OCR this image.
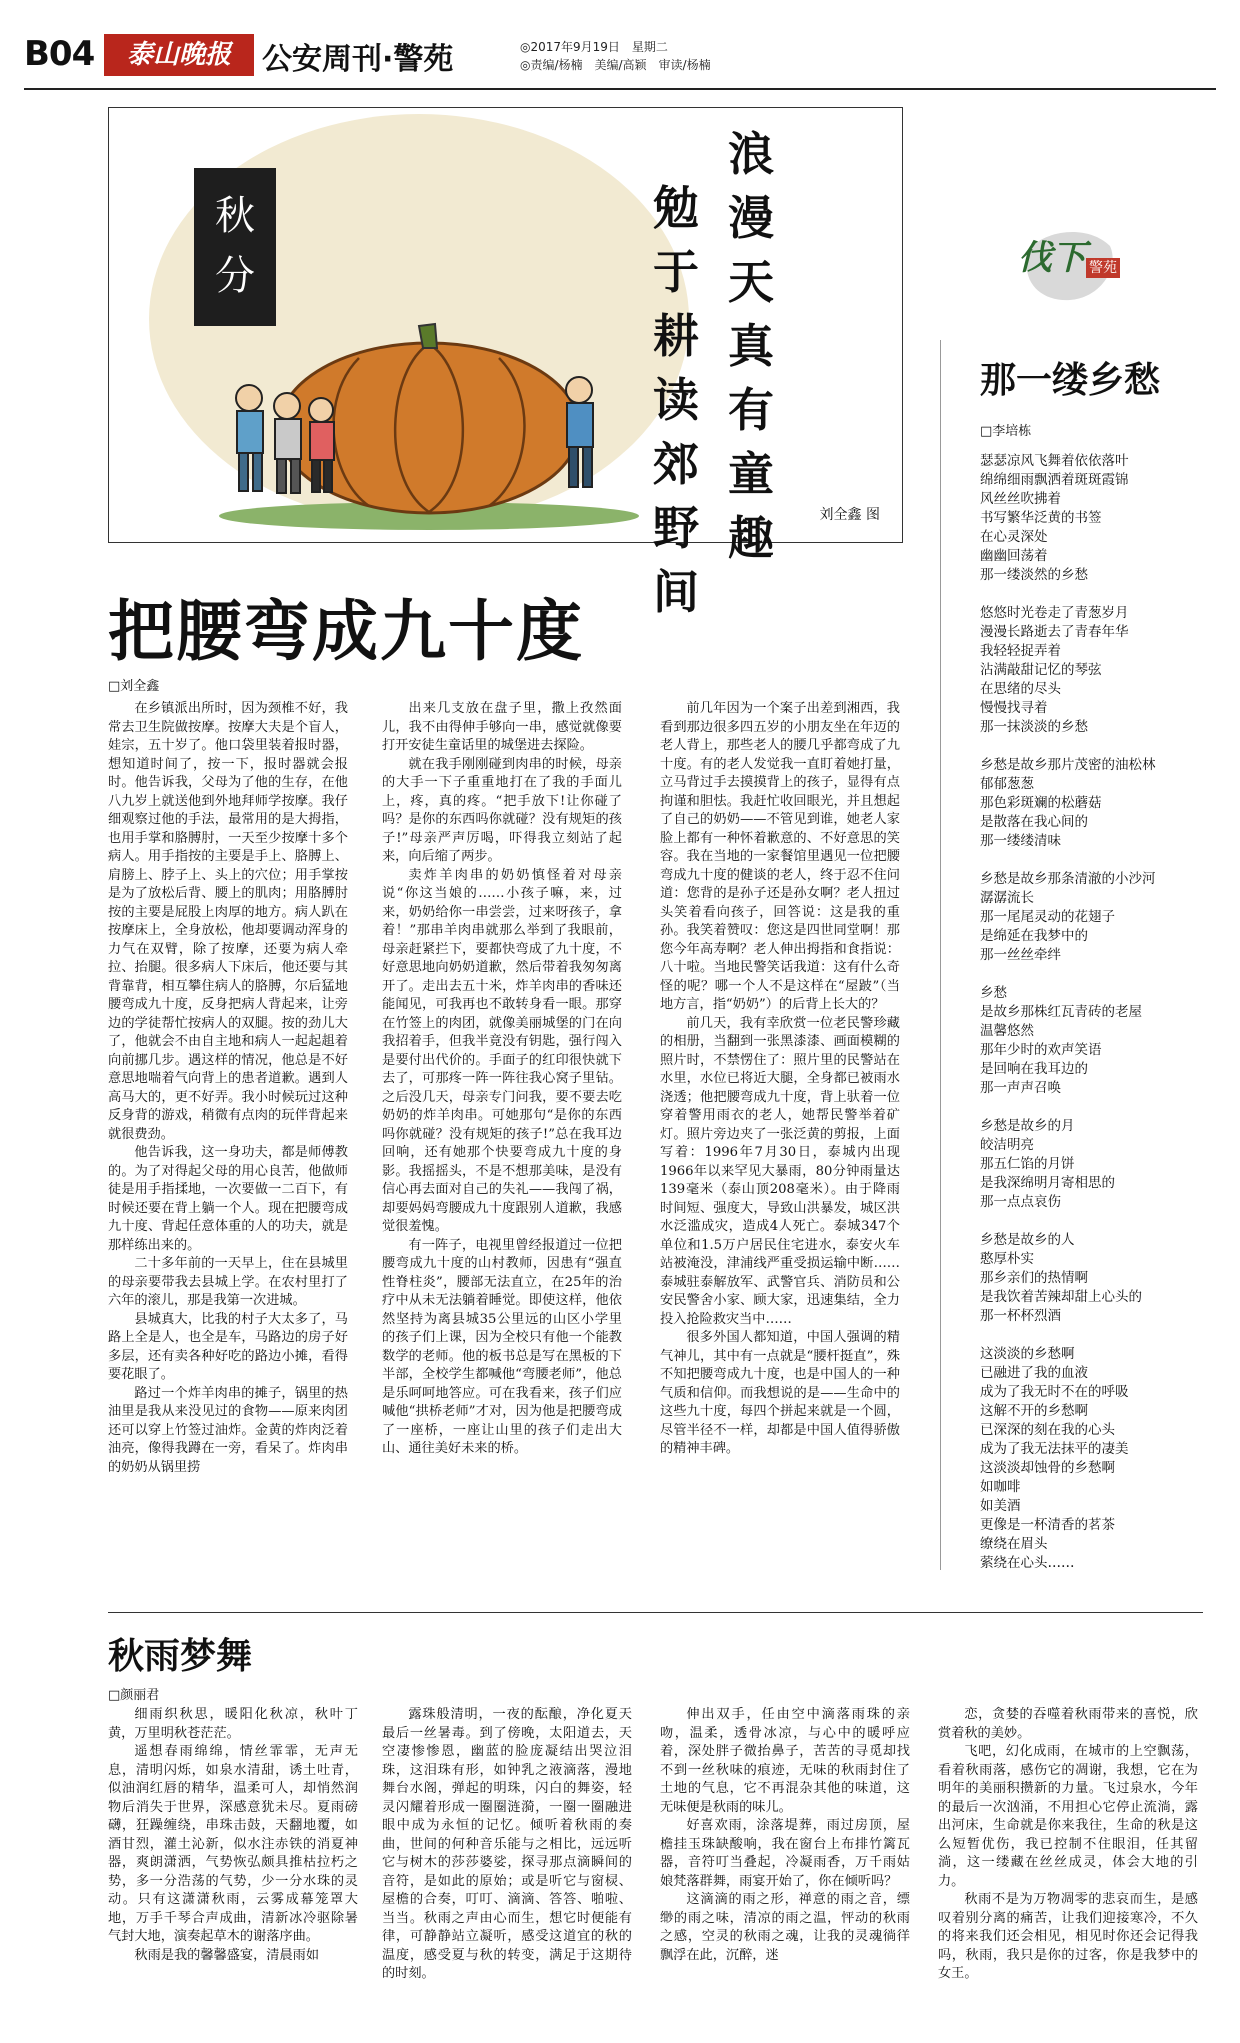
B04	泰山晚报	公安周刊·警苑	◎2017年9月19日　星期二
◎责编/杨楠　美编/高颖　审读/杨楠
秋
分
浪漫天真有童趣
勉于耕读郊野间
刘全鑫 图
伐下 警苑
那一缕乡愁
□李培栋
瑟瑟凉风飞舞着依依落叶
绵绵细雨飘洒着斑斑霞锦
风丝丝吹拂着
书写繁华泛黄的书签
在心灵深处
幽幽回荡着
那一缕淡然的乡愁
悠悠时光卷走了青葱岁月
漫漫长路逝去了青春年华
我轻轻捉弄着
沾满敲甜记忆的琴弦
在思绪的尽头
慢慢找寻着
那一抹淡淡的乡愁
乡愁是故乡那片茂密的油松林
郁郁葱葱
那色彩斑斓的松蘑菇
是散落在我心间的
那一缕缕清味
乡愁是故乡那条清澈的小沙河
潺潺流长
那一尾尾灵动的花翅子
是绵延在我梦中的
那一丝丝牵绊
乡愁
是故乡那株红瓦青砖的老屋
温馨悠然
那年少时的欢声笑语
是回响在我耳边的
那一声声召唤
乡愁是故乡的月
皎洁明亮
那五仁馅的月饼
是我深绵明月寄相思的
那一点点哀伤
乡愁是故乡的人
憨厚朴实
那乡亲们的热情啊
是我饮着苦辣却甜上心头的
那一杯杯烈酒
这淡淡的乡愁啊
已融进了我的血液
成为了我无时不在的呼吸
这解不开的乡愁啊
已深深的刻在我的心头
成为了我无法抹平的凄美
这淡淡却蚀骨的乡愁啊
如咖啡
如美酒
更像是一杯清香的茗茶
缭绕在眉头
萦绕在心头……
把腰弯成九十度
□刘全鑫

在乡镇派出所时，因为颈椎不好，我常去卫生院做按摩。按摩大夫是个盲人，娃宗，五十岁了。他口袋里装着报时器，想知道时间了，按一下，报时器就会报时。他告诉我，父母为了他的生存，在他八九岁上就送他到外地拜师学按摩。我仔细观察过他的手法，最常用的是大拇指，也用手掌和胳膊肘，一天至少按摩十多个病人。用手指按的主要是手上、胳膊上、肩膀上、脖子上、头上的穴位；用手掌按是为了放松后背、腰上的肌肉；用胳膊肘按的主要是屁股上肉厚的地方。病人趴在按摩床上，全身放松，他却要调动浑身的力气在双臂，除了按摩，还要为病人牵拉、抬腿。很多病人下床后，他还要与其背靠背，相互攀住病人的胳膊，尔后猛地腰弯成九十度，反身把病人背起来，让旁边的学徒帮忙按病人的双腿。按的劲儿大了，他就会不由自主地和病人一起起趄着向前挪几步。遇这样的情况，他总是不好意思地喘着气向背上的患者道歉。遇到人高马大的，更不好弄。我小时候玩过这种反身背的游戏，稍微有点肉的玩伴背起来就很费劲。

他告诉我，这一身功夫，都是师傅教的。为了对得起父母的用心良苦，他做师徒是用手指揉地，一次要做一二百下，有时候还要在背上躺一个人。现在把腰弯成九十度、背起任意体重的人的功夫，就是那样练出来的。

二十多年前的一天早上，住在县城里的母亲要带我去县城上学。在农村里打了六年的滚儿，那是我第一次进城。

县城真大，比我的村子大太多了，马路上全是人，也全是车，马路边的房子好多层，还有卖各种好吃的路边小摊，看得要花眼了。

路过一个炸羊肉串的摊子，锅里的热油里是我从来没见过的食物——原来肉团还可以穿上竹签过油炸。金黄的炸肉泛着油亮，像得我蹲在一旁，看呆了。炸肉串的奶奶从锅里捞

出来几支放在盘子里，撒上孜然面儿，我不由得伸手够向一串，感觉就像要打开安徒生童话里的城堡进去探险。

就在我手刚刚碰到肉串的时候，母亲的大手一下子重重地打在了我的手面儿上，疼，真的疼。“把手放下!让你碰了吗？是你的东西吗你就碰？没有规矩的孩子!”母亲严声厉喝，吓得我立刻站了起来，向后缩了两步。

卖炸羊肉串的奶奶慎怪着对母亲说“你这当娘的……小孩子嘛，来，过来，奶奶给你一串尝尝，过来呀孩子，拿着！”那串羊肉串就那么举到了我眼前，母亲赶紧拦下，要都快弯成了九十度，不好意思地向奶奶道歉，然后带着我匆匆离开了。走出去五十米，炸羊肉串的香味还能闻见，可我再也不敢转身看一眼。那穿在竹签上的肉团，就像美丽城堡的门在向我招着手，但我半竟没有钥匙，强行闯入是要付出代价的。手面子的红印很快就下去了，可那疼一阵一阵往我心窝子里钻。之后没几天，母亲专门问我，要不要去吃奶奶的炸羊肉串。可她那句“是你的东西吗你就碰？没有规矩的孩子!”总在我耳边回响，还有她那个快要弯成九十度的身影。我摇摇头，不是不想那美味，是没有信心再去面对自己的失礼——我闯了祸，却要妈妈弯腰成九十度跟别人道歉，我感觉很羞愧。

有一阵子，电视里曾经报道过一位把腰弯成九十度的山村教师，因患有“强直性脊柱炎”，腰部无法直立，在25年的治疗中从未无法躺着睡觉。即使这样，他依然坚持为离县城35公里远的山区小学里的孩子们上课，因为全校只有他一个能教数学的老师。他的板书总是写在黑板的下半部，全校学生都喊他“弯腰老师”，他总是乐呵呵地答应。可在我看来，孩子们应喊他“拱桥老师”才对，因为他是把腰弯成了一座桥，一座让山里的孩子们走出大山、通往美好未来的桥。

前几年因为一个案子出差到湘西，我看到那边很多四五岁的小朋友坐在年迈的老人背上，那些老人的腰几乎都弯成了九十度。有的老人发觉我一直盯着她打量，立马背过手去摸摸背上的孩子，显得有点拘谨和胆怯。我赶忙收回眼光，并且想起了自己的奶奶——不管见到谁，她老人家脸上都有一种怀着歉意的、不好意思的笑容。我在当地的一家餐馆里遇见一位把腰弯成九十度的健谈的老人，终于忍不住问道：您背的是孙子还是孙女啊？老人扭过头笑着看向孩子，回答说：这是我的重孙。我笑着赞叹：您这是四世同堂啊！那您今年高寿啊？老人伸出拇指和食指说：八十啦。当地民警笑话我道：这有什么奇怪的呢？哪一个人不是这样在“屋跛”（当地方言，指“奶奶”）的后背上长大的？

前几天，我有幸欣赏一位老民警珍藏的相册，当翻到一张黑漆漆、画面模糊的照片时，不禁愣住了：照片里的民警站在水里，水位已将近大腿，全身都已被雨水浇透；他把腰弯成九十度，背上驮着一位穿着警用雨衣的老人，她帮民警举着矿灯。照片旁边夹了一张泛黄的剪报，上面写着：1996年7月30日，泰城内出现1966年以来罕见大暴雨，80分钟雨量达139毫米（泰山顶208毫米）。由于降雨时间短、强度大，导致山洪暴发，城区洪水泛滥成灾，造成4人死亡。泰城347个单位和1.5万户居民住宅进水，泰安火车站被淹没，津浦线严重受损运输中断……泰城驻泰解放军、武警官兵、消防员和公安民警舍小家、顾大家，迅速集结，全力投入抢险救灾当中……

很多外国人都知道，中国人强调的精气神儿，其中有一点就是“腰杆挺直”，殊不知把腰弯成九十度，也是中国人的一种气质和信仰。而我想说的是——生命中的这些九十度，每四个拼起来就是一个圆，尽管半径不一样，却都是中国人值得骄傲的精神丰碑。

秋雨梦舞
□颜丽君

细雨织秋思，暖阳化秋凉，秋叶丁黄，万里明秋苍茫茫。

遥想春雨绵绵，情丝霏霏，无声无息，清明闪烁，如泉水清甜，诱土吐青，似油润红唇的精华，温柔可人，却悄然润物后消失于世界，深感意犹未尽。夏雨磅礴，狂躁缠绕，串珠击鼓，天翻地覆，如酒甘烈，灌土沁新，似水注赤铁的消夏神器，爽朗潇洒，气势恢弘颇具推枯拉朽之势，多一分浩荡的气势，少一分水珠的灵动。只有这潇潇秋雨，云雾成幕笼罩大地，万手千琴合声成曲，清新冰冷驱除暑气封大地，演奏起草木的谢落序曲。

秋雨是我的馨馨盛宴，清晨雨如

露珠般清明，一夜的酝酿，净化夏天最后一丝暑毒。到了傍晚，太阳道去，天空凄惨惨恩，幽蓝的脸庞凝结出哭泣泪珠，这泪珠有形，如钟乳之液滴落，漫地舞台水阁，弹起的明珠，闪白的舞姿，轻灵闪耀着形成一圈圈涟漪，一圈一圈融进眼中成为永恒的记忆。倾听着秋雨的奏曲，世间的何种音乐能与之相比，远远听它与树木的莎莎婆娑，探寻那点滴瞬间的音符，是如此的原始；或是听它与窗棂、屋檐的合奏，叮叮、滴滴、答答、啪啦、当当。秋雨之声由心而生，想它时便能有律，可静静站立凝听，感受这道宜的秋的温度，感受夏与秋的转变，满足于这期待的时刻。

伸出双手，任由空中滴落雨珠的亲吻，温柔，透骨冰凉，与心中的暖呼应着，深处胖子微抬鼻子，苦苦的寻觅却找不到一丝秋味的痕迹，无味的秋雨封住了土地的气息，它不再混杂其他的味道，这无味便是秋雨的味儿。

好喜欢雨，涂落堤葬，雨过房顶，屋檐挂玉珠缺酸响，我在窗台上布排竹篱瓦器，音符叮当叠起，冷凝雨香，万千雨姑娘梵落群舞，雨宴开始了，你在倾听吗？

这滴滴的雨之形，禅意的雨之音，缥缈的雨之味，清凉的雨之温，怦动的秋雨之感，空灵的秋雨之魂，让我的灵魂徜徉飘浮在此，沉醉，迷

恋，贪婪的吞噬着秋雨带来的喜悦，欣赏着秋的美妙。

飞吧，幻化成雨，在城市的上空飘荡，看着秋雨落，感伤它的凋谢，我想，它在为明年的美丽积攒新的力量。飞过泉水，今年的最后一次汹涌，不用担心它停止流淌，露出河床，生命就是你来我往，生命的秋是这么短暂优伤，我已控制不住眼泪，任其留淌，这一缕藏在丝丝成灵，体会大地的引力。

秋雨不是为万物凋零的悲哀而生，是感叹着别分离的痛苦，让我们迎接寒冷，不久的将来我们还会相见，相见时你还会记得我吗，秋雨，我只是你的过客，你是我梦中的女王。
